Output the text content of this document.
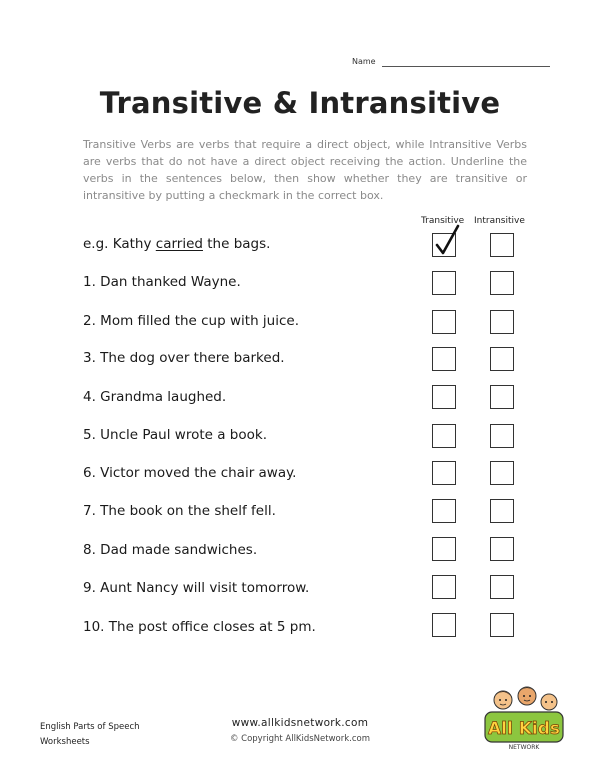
Name
Transitive & Intransitive
Transitive Verbs are verbs that require a direct object, while Intransitive Verbs are verbs that do not have a direct object receiving the action. Underline the verbs in the sentences below, then show whether they are transitive or intransitive by putting a checkmark in the correct box.
Transitive Intransitive
e.g. Kathy carried the bags.
1. Dan thanked Wayne.
2. Mom filled the cup with juice.
3. The dog over there barked.
4. Grandma laughed.
5. Uncle Paul wrote a book.
6. Victor moved the chair away.
7. The book on the shelf fell.
8. Dad made sandwiches.
9. Aunt Nancy will visit tomorrow.
10. The post office closes at 5 pm.
English Parts of Speech
Worksheets
www.allkidsnetwork.com
© Copyright AllKidsNetwork.com	All Kids
NETWORK
